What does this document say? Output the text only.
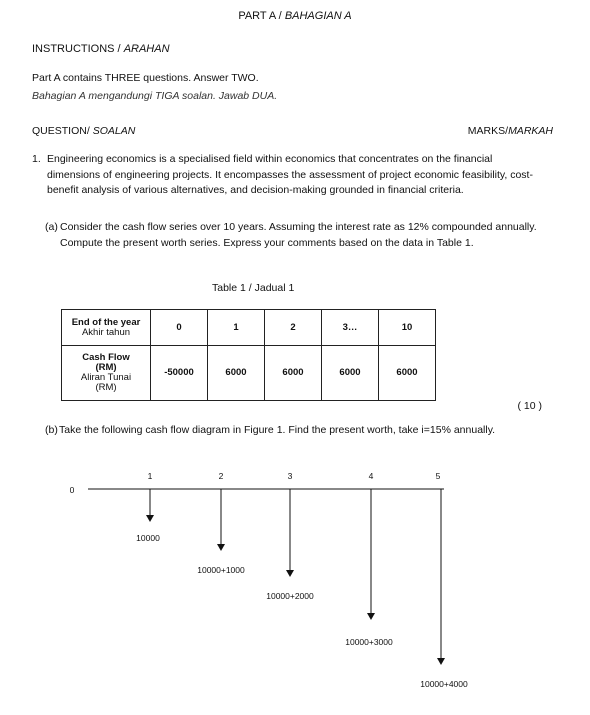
PART A / BAHAGIAN A
INSTRUCTIONS / ARAHAN
Part A contains THREE questions. Answer TWO.
Bahagian A mengandungi TIGA soalan. Jawab DUA.
QUESTION/ SOALAN	MARKS/MARKAH
1. Engineering economics is a specialised field within economics that concentrates on the financial dimensions of engineering projects. It encompasses the assessment of project economic feasibility, cost-benefit analysis of various alternatives, and decision-making grounded in financial criteria.
(a) Consider the cash flow series over 10 years. Assuming the interest rate as 12% compounded annually. Compute the present worth series. Express your comments based on the data in Table 1.
Table 1 / Jadual 1
End of the year
Akhir tahun	0	1	2	3…	10

Cash Flow
(RM)
Aliran Tunai
(RM)	-50000	6000	6000	6000	6000
( 10 )
(b) Take the following cash flow diagram in Figure 1. Find the present worth, take i=15% annually.
0
1	2	3	4	5
10000
10000+1000
10000+2000
10000+3000
10000+4000
